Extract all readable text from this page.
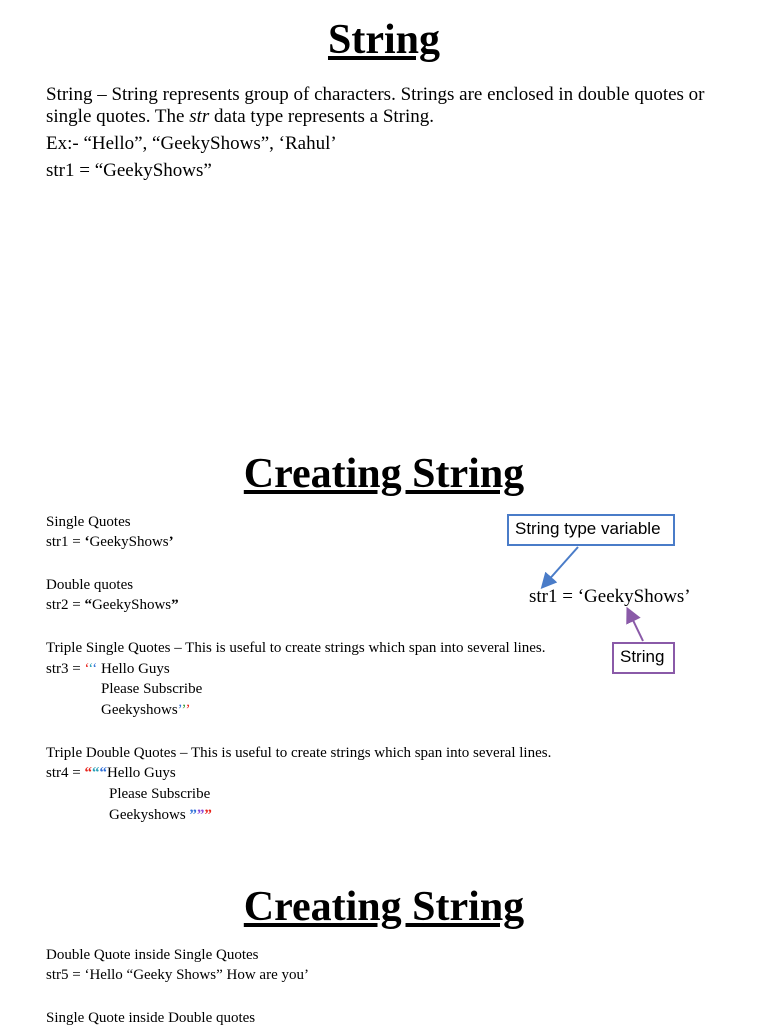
String
String – String represents group of characters. Strings are enclosed in double quotes or
single quotes. The str data type represents a String.
Ex:- “Hello”, “GeekyShows”, ‘Rahul’
str1 = “GeekyShows”
Creating String
Single Quotes
str1 = ‘GeekyShows’
Double quotes
str2 = “GeekyShows”
Triple Single Quotes – This is useful to create strings which span into several lines.
str3 = ‘‘‘ Hello Guys
Please Subscribe
Geekyshows’’’
Triple Double Quotes – This is useful to create strings which span into several lines.
str4 = “““Hello Guys
Please Subscribe
Geekyshows ”””
String type variable
str1 = ‘GeekyShows’
String
Creating String
Double Quote inside Single Quotes
str5 = ‘Hello “Geeky Shows” How are you’
Single Quote inside Double quotes
